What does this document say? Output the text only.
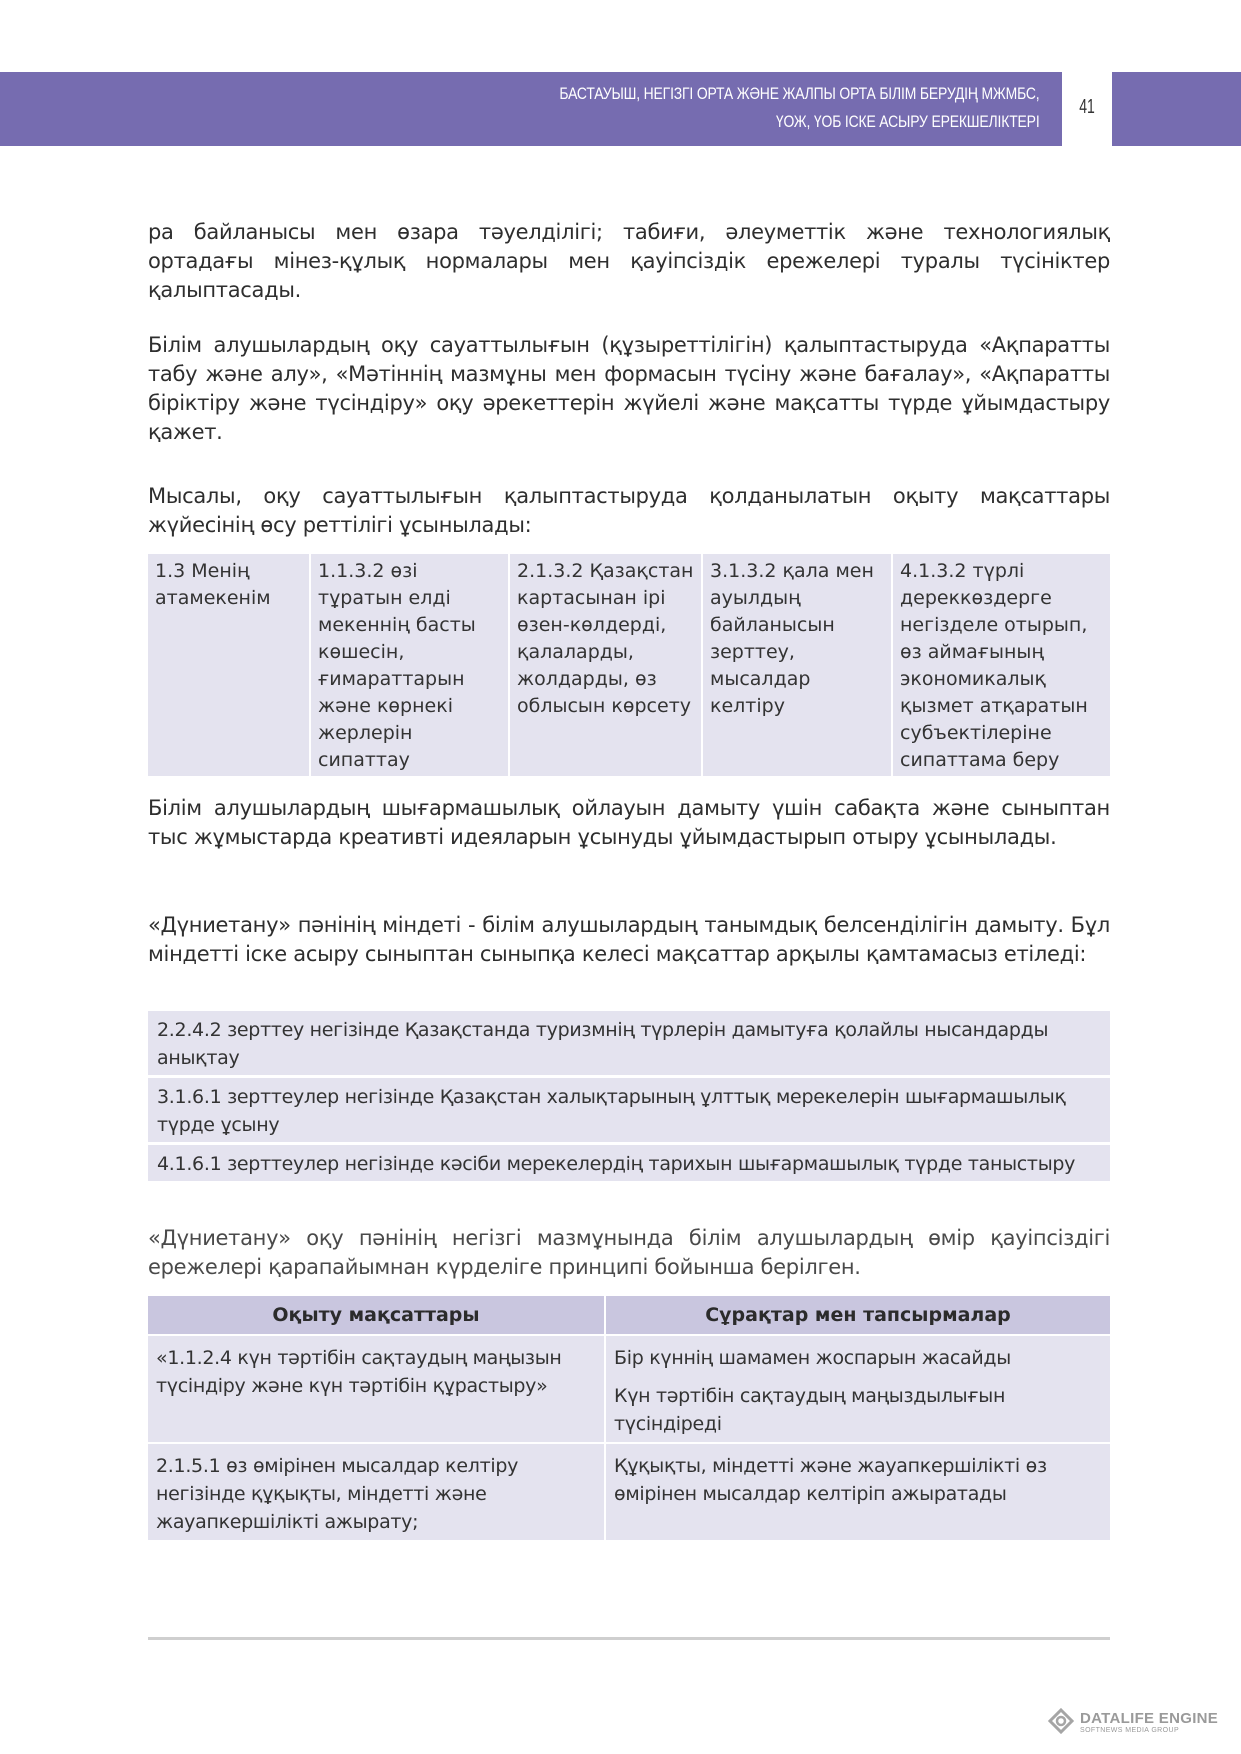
БАСТАУЫШ, НЕГІЗГІ ОРТА ЖӘНЕ ЖАЛПЫ ОРТА БІЛІМ БЕРУДІҢ МЖМБС,
ҮОЖ, ҮОБ ІСКЕ АСЫРУ ЕРЕКШЕЛІКТЕРІ
41

ра байланысы мен өзара тәуелділігі; табиғи, әлеуметтік және технологиялық ортадағы мінез-құлық нормалары мен қауіпсіздік ережелері туралы түсініктер қалыптасады.

Білім алушылардың оқу сауаттылығын (құзыреттілігін) қалыптастыруда «Ақпаратты табу және алу», «Мәтіннің мазмұны мен формасын түсіну және бағалау», «Ақпаратты біріктіру және түсіндіру» оқу әрекеттерін жүйелі және мақсатты түрде ұйымдастыру қажет.

Мысалы, оқу сауаттылығын қалыптастыруда қолданылатын оқыту мақсаттары жүйесінің өсу реттілігі ұсынылады:

1.3 Менің атамекенім	1.1.3.2 өзі тұратын елді мекеннің басты көшесін, ғимараттарын және көрнекі жерлерін сипаттау	2.1.3.2 Қазақстан картасынан ірі өзен-көлдерді, қалаларды, жолдарды, өз облысын көрсету	3.1.3.2 қала мен ауылдың байланысын зерттеу, мысалдар келтіру	4.1.3.2 түрлі дереккөздерге негізделе отырып, өз аймағының экономикалық қызмет атқаратын субъектілеріне сипаттама беру

Білім алушылардың шығармашылық ойлауын дамыту үшін сабақта және сыныптан тыс жұмыстарда креативті идеяларын ұсынуды ұйымдастырып отыру ұсынылады.

«Дүниетану» пәнінің міндеті - білім алушылардың танымдық белсенділігін дамыту. Бұл міндетті іске асыру сыныптан сыныпқа келесі мақсаттар арқылы қамтамасыз етіледі:

2.2.4.2 зерттеу негізінде Қазақстанда туризмнің түрлерін дамытуға қолайлы нысандарды анықтау
3.1.6.1 зерттеулер негізінде Қазақстан халықтарының ұлттық мерекелерін шығармашылық түрде ұсыну
4.1.6.1 зерттеулер негізінде кәсіби мерекелердің тарихын шығармашылық түрде таныстыру

«Дүниетану» оқу пәнінің негізгі мазмұнында білім алушылардың өмір қауіпсіздігі ережелері қарапайымнан күрделіге принципі бойынша берілген.

Оқыту мақсаттары	Сұрақтар мен тапсырмалар
«1.1.2.4 күн тәртібін сақтаудың маңызын түсіндіру және күн тәртібін құрастыру»	Бір күннің шамамен жоспарын жасайды
Күн тәртібін сақтаудың маңыздылығын түсіндіреді

2.1.5.1 өз өмірінен мысалдар келтіру негізінде құқықты, міндетті және жауапкершілікті ажырату;	Құқықты, міндетті және жауапкершілікті өз өмірінен мысалдар келтіріп ажыратады
DATALIFE ENGINE
SOFTNEWS MEDIA GROUP
